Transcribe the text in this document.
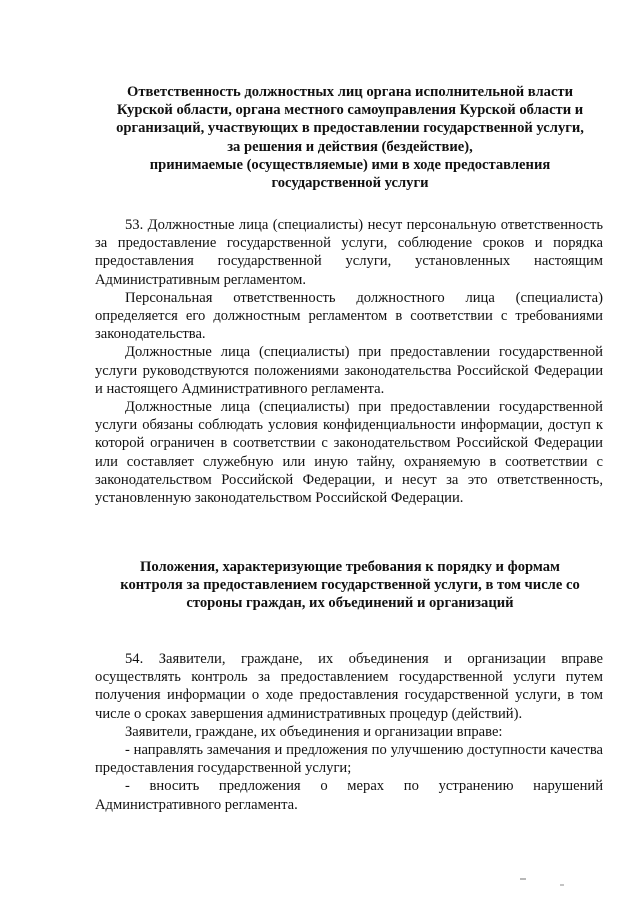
Ответственность должностных лиц органа исполнительной власти
Курской области, органа местного самоуправления Курской области и
организаций, участвующих в предоставлении государственной услуги,
за решения и действия (бездействие),
принимаемые (осуществляемые) ими в ходе предоставления
государственной услуги

53. Должностные лица (специалисты) несут персональную ответственность за предоставление государственной услуги, соблюдение сроков и порядка предоставления государственной услуги, установленных настоящим Административным регламентом.

Персональная ответственность должностного лица (специалиста) определяется его должностным регламентом в соответствии с требованиями законодательства.

Должностные лица (специалисты) при предоставлении государственной услуги руководствуются положениями законодательства Российской Федерации и настоящего Административного регламента.

Должностные лица (специалисты) при предоставлении государственной услуги обязаны соблюдать условия конфиденциальности информации, доступ к которой ограничен в соответствии с законодательством Российской Федерации или составляет служебную или иную тайну, охраняемую в соответствии с законодательством Российской Федерации, и несут за это ответственность, установленную законодательством Российской Федерации.

Положения, характеризующие требования к порядку и формам
контроля за предоставлением государственной услуги, в том числе со
стороны граждан, их объединений и организаций

54. Заявители, граждане, их объединения и организации вправе осуществлять контроль за предоставлением государственной услуги путем получения информации о ходе предоставления государственной услуги, в том числе о сроках завершения административных процедур (действий).

Заявители, граждане, их объединения и организации вправе:

- направлять замечания и предложения по улучшению доступности качества предоставления государственной услуги;

- вносить предложения о мерах по устранению нарушений Административного регламента.
